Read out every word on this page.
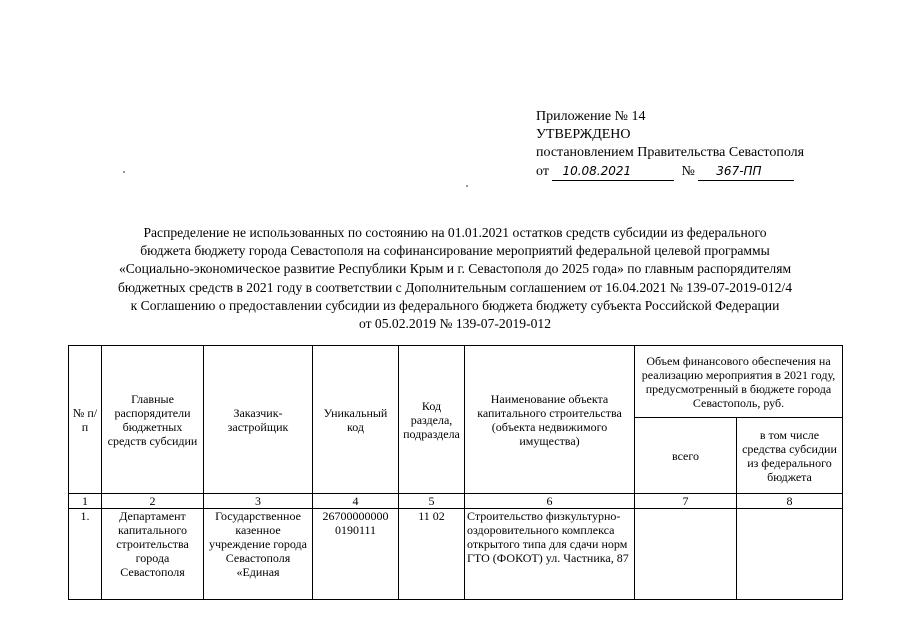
Приложение № 14
УТВЕРЖДЕНО
постановлением Правительства Севастополя
от 10.08.2021	№ 367-ПП
Распределение не использованных по состоянию на 01.01.2021 остатков средств субсидии из федерального
бюджета бюджету города Севастополя на софинансирование мероприятий федеральной целевой программы
«Социально-экономическое развитие Республики Крым и г. Севастополя до 2025 года» по главным распорядителям
бюджетных средств в 2021 году в соответствии с Дополнительным соглашением от 16.04.2021 № 139-07-2019-012/4
к Соглашению о предоставлении субсидии из федерального бюджета бюджету субъекта Российской Федерации
от 05.02.2019 № 139-07-2019-012
№ п/п	Главные распорядители бюджетных средств субсидии	Заказчик-застройщик	Уникальный код	Код раздела, подраздела	Наименование объекта капитального строительства (объекта недвижимого имущества)	Объем финансового обеспечения на реализацию мероприятия в 2021 году, предусмотренный в бюджете города Севастополь, руб.	
						всего	в том числе средства субсидии из федерального бюджета
1	2	3	4	5	6	7	8
1.	Департамент капитального строительства города Севастополя	Государственное казенное учреждение города Севастополя «Единая	26700000000 0190111	11 02	Строительство физкультурно-оздоровительного комплекса открытого типа для сдачи норм ГТО (ФОКОТ) ул. Частника, 87		
